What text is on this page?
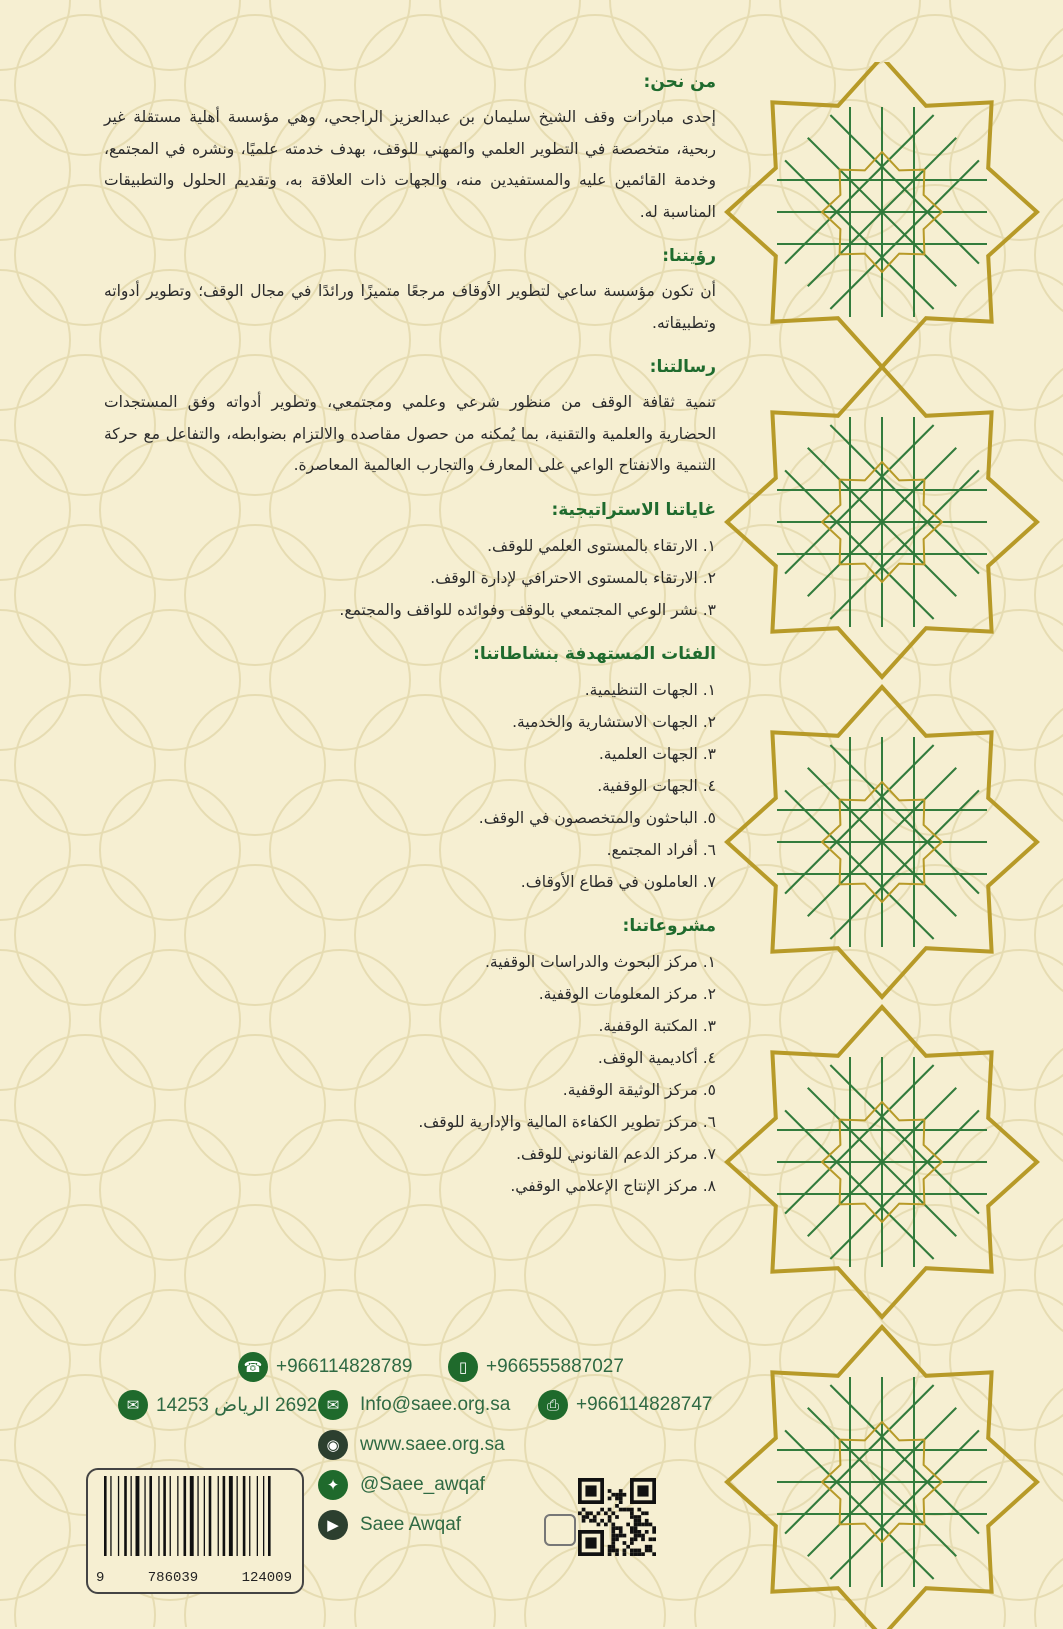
من نحن:

إحدى مبادرات وقف الشيخ سليمان بن عبدالعزيز الراجحي، وهي مؤسسة أهلية مستقلة غير ربحية، متخصصة في التطوير العلمي والمهني للوقف، بهدف خدمته علميًا، ونشره في المجتمع، وخدمة القائمين عليه والمستفيدين منه، والجهات ذات العلاقة به، وتقديم الحلول والتطبيقات المناسبة له.

رؤيتنا:

أن تكون مؤسسة ساعي لتطوير الأوقاف مرجعًا متميزًا ورائدًا في مجال الوقف؛ وتطوير أدواته وتطبيقاته.

رسالتنا:

تنمية ثقافة الوقف من منظور شرعي وعلمي ومجتمعي، وتطوير أدواته وفق المستجدات الحضارية والعلمية والتقنية، بما يُمكنه من حصول مقاصده والالتزام بضوابطه، والتفاعل مع حركة التنمية والانفتاح الواعي على المعارف والتجارب العالمية المعاصرة.

غاياتنا الاستراتيجية:
١. الارتقاء بالمستوى العلمي للوقف.
٢. الارتقاء بالمستوى الاحترافي لإدارة الوقف.
٣. نشر الوعي المجتمعي بالوقف وفوائده للواقف والمجتمع.
الفئات المستهدفة بنشاطاتنا:
١. الجهات التنظيمية.
٢. الجهات الاستشارية والخدمية.
٣. الجهات العلمية.
٤. الجهات الوقفية.
٥. الباحثون والمتخصصون في الوقف.
٦. أفراد المجتمع.
٧. العاملون في قطاع الأوقاف.
مشروعاتنا:
١. مركز البحوث والدراسات الوقفية.
٢. مركز المعلومات الوقفية.
٣. المكتبة الوقفية.
٤. أكاديمية الوقف.
٥. مركز الوثيقة الوقفية.
٦. مركز تطوير الكفاءة المالية والإدارية للوقف.
٧. مركز الدعم القانوني للوقف.
٨. مركز الإنتاج الإعلامي الوقفي.
☎ +966114828789	▯ +966555887027
✉ 2692 الرياض 14253 ✉	Info@saee.org.sa	⎙ +966114828747
◉	www.saee.org.sa
✦	@Saee_awqaf
▶	Saee Awqaf
9	786039	124009
